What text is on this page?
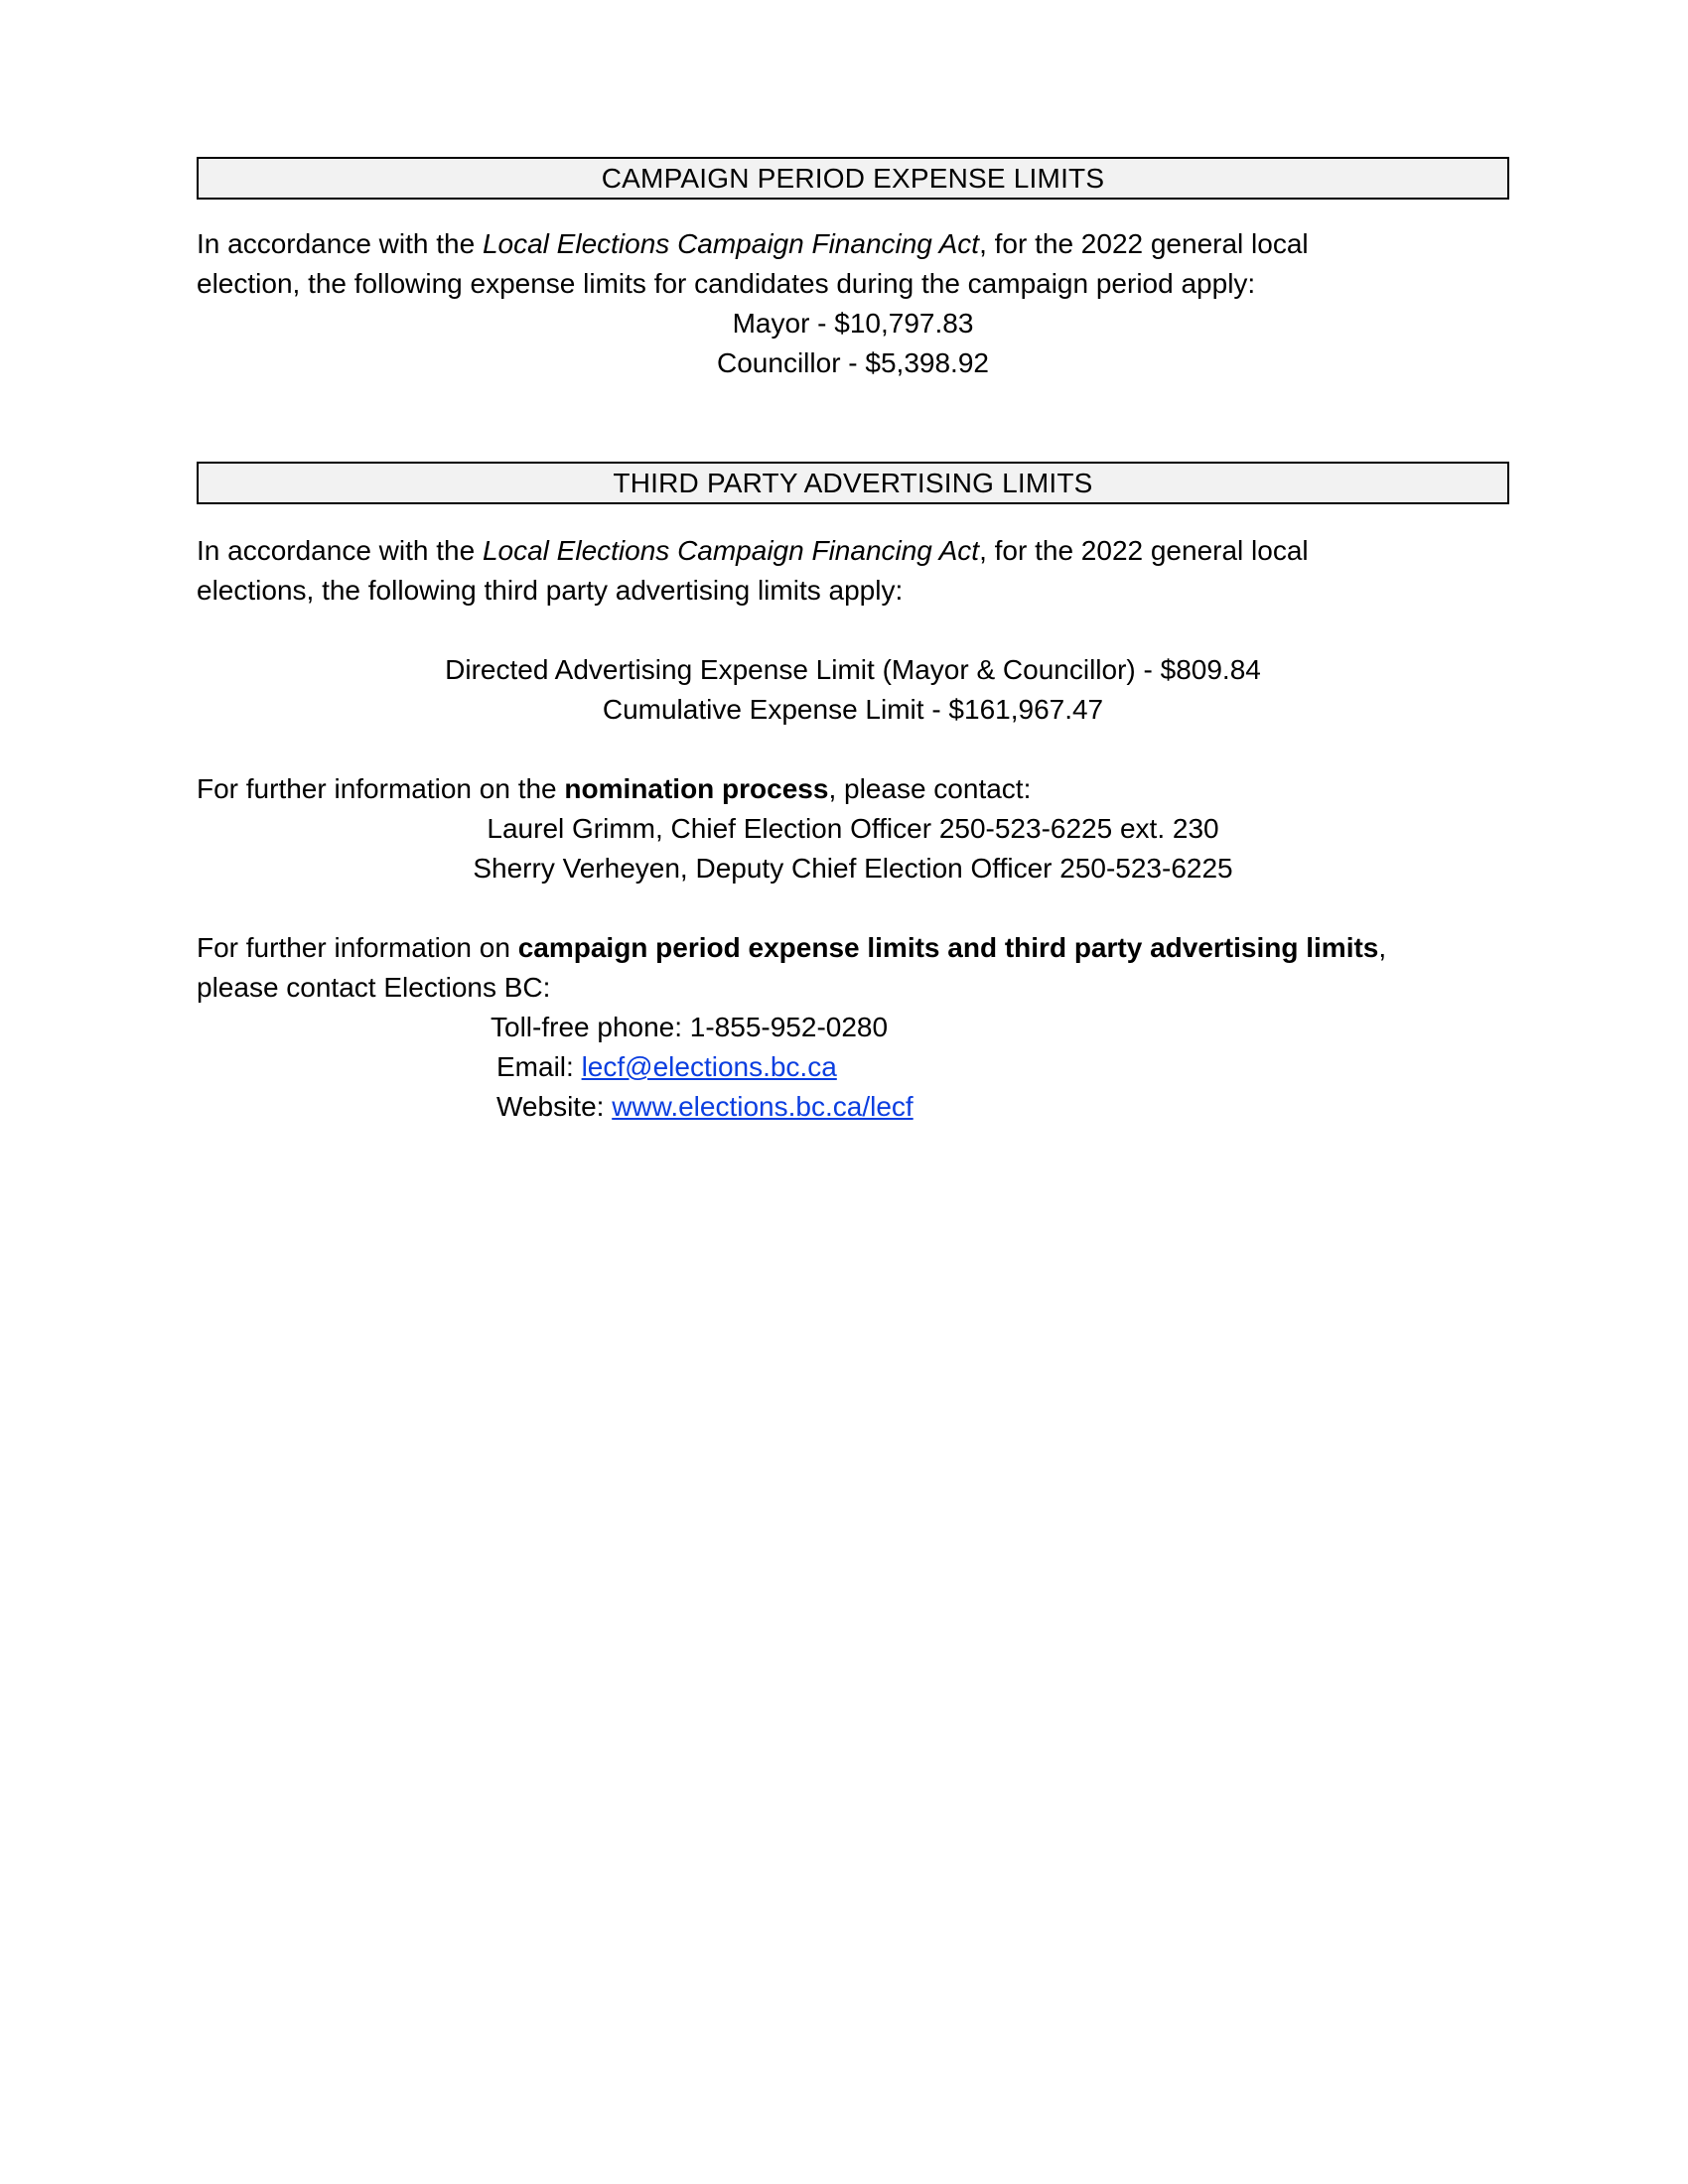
CAMPAIGN PERIOD EXPENSE LIMITS
In accordance with the Local Elections Campaign Financing Act, for the 2022 general local
election, the following expense limits for candidates during the campaign period apply:
Mayor - $10,797.83
Councillor - $5,398.92
THIRD PARTY ADVERTISING LIMITS
In accordance with the Local Elections Campaign Financing Act, for the 2022 general local
elections, the following third party advertising limits apply:
Directed Advertising Expense Limit (Mayor & Councillor) - $809.84
Cumulative Expense Limit - $161,967.47
For further information on the nomination process, please contact:
Laurel Grimm, Chief Election Officer 250-523-6225 ext. 230
Sherry Verheyen, Deputy Chief Election Officer 250-523-6225
For further information on campaign period expense limits and third party advertising limits,
please contact Elections BC:
Toll-free phone: 1-855-952-0280
Email: lecf@elections.bc.ca
Website: www.elections.bc.ca/lecf
